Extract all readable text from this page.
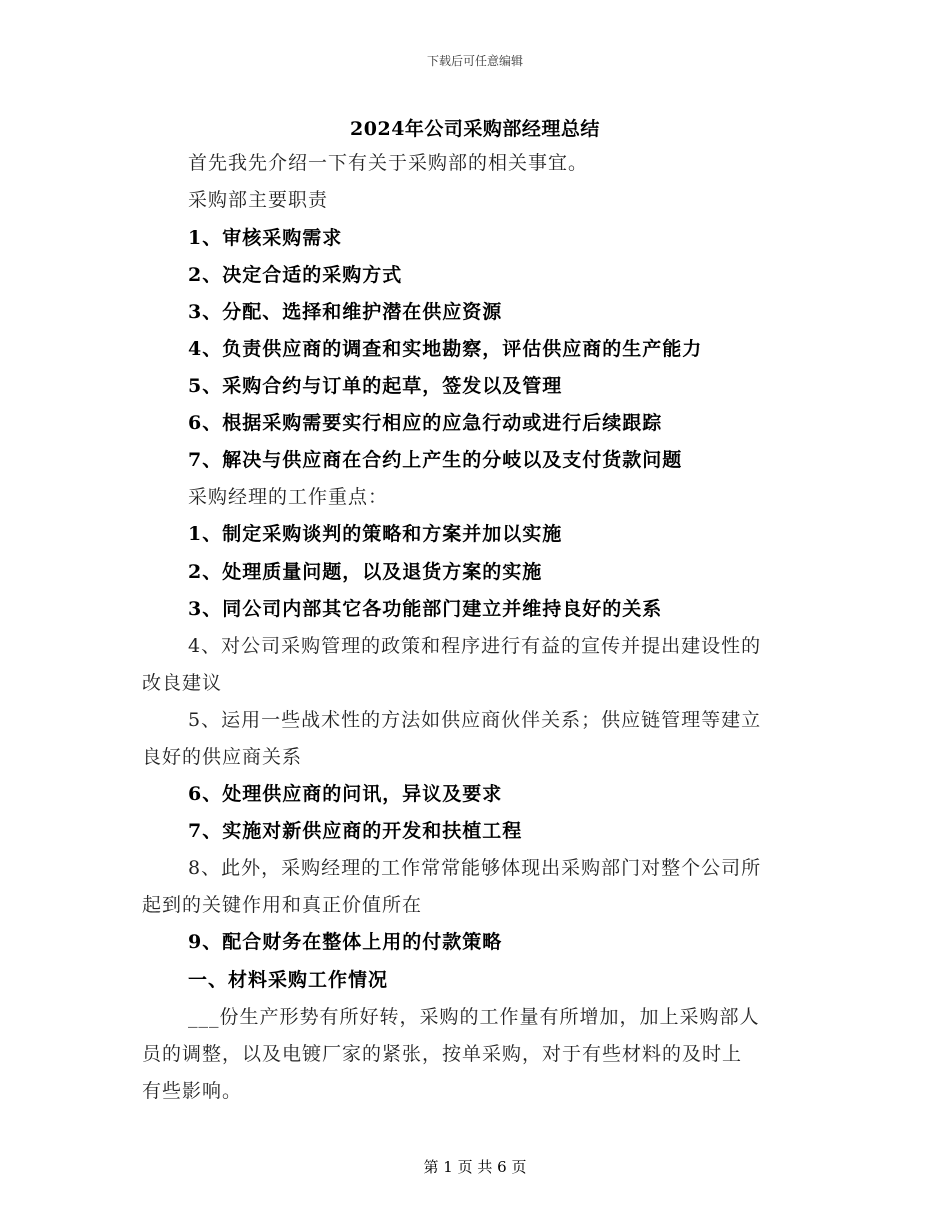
下载后可任意编辑
2024年公司采购部经理总结
首先我先介绍一下有关于采购部的相关事宜。
采购部主要职责
1、审核采购需求
2、决定合适的采购方式
3、分配、选择和维护潜在供应资源
4、负责供应商的调查和实地勘察，评估供应商的生产能力
5、采购合约与订单的起草，签发以及管理
6、根据采购需要实行相应的应急行动或进行后续跟踪
7、解决与供应商在合约上产生的分岐以及支付货款问题
采购经理的工作重点：
1、制定采购谈判的策略和方案并加以实施
2、处理质量问题，以及退货方案的实施
3、同公司内部其它各功能部门建立并维持良好的关系
4、对公司采购管理的政策和程序进行有益的宣传并提出建设性的
改良建议
5、运用一些战术性的方法如供应商伙伴关系；供应链管理等建立
良好的供应商关系
6、处理供应商的问讯，异议及要求
7、实施对新供应商的开发和扶植工程
8、此外，采购经理的工作常常能够体现出采购部门对整个公司所
起到的关键作用和真正价值所在
9、配合财务在整体上用的付款策略
一、材料采购工作情况
___份生产形势有所好转，采购的工作量有所增加，加上采购部人
员的调整，以及电镀厂家的紧张，按单采购，对于有些材料的及时上
有些影响。
第 1 页 共 6 页
